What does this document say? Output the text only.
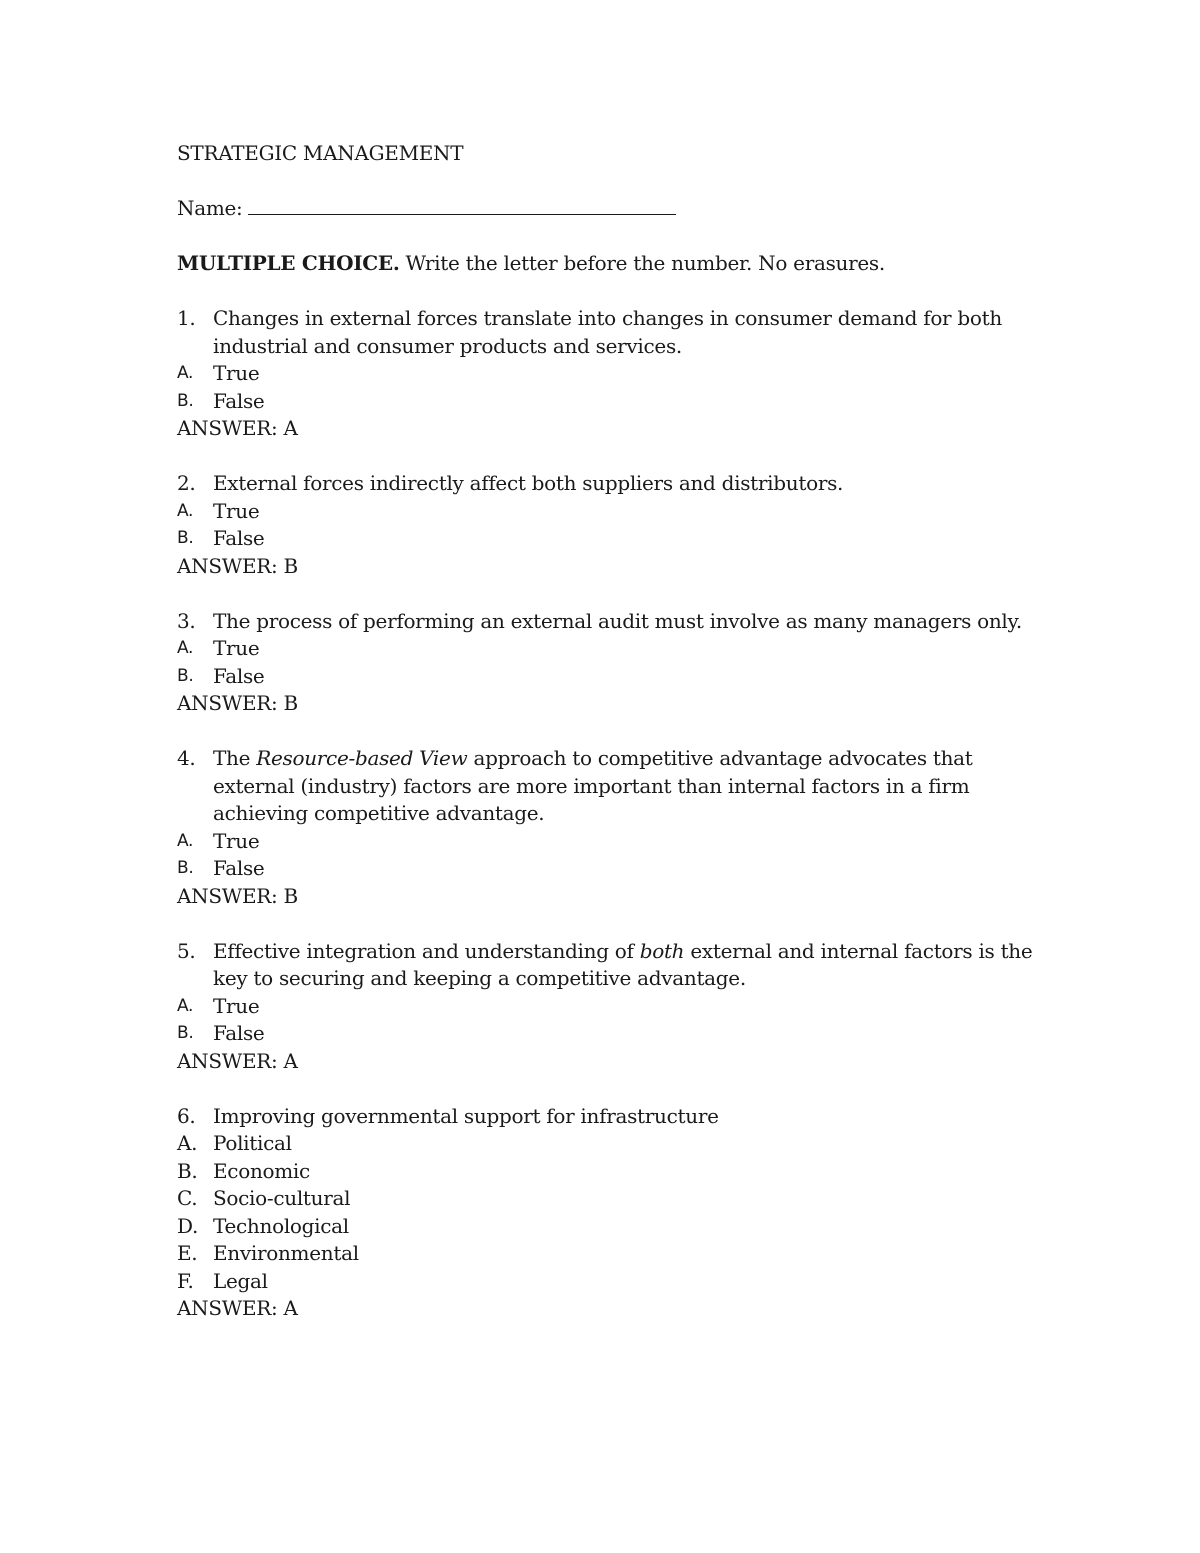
STRATEGIC MANAGEMENT
Name:
MULTIPLE CHOICE. Write the letter before the number. No erasures.
1. Changes in external forces translate into changes in consumer demand for both industrial and consumer products and services.
A. True
B. False
ANSWER: A
2. External forces indirectly affect both suppliers and distributors.
A. True
B. False
ANSWER: B
3. The process of performing an external audit must involve as many managers only.
A. True
B. False
ANSWER: B
4. The Resource-based View approach to competitive advantage advocates that external (industry) factors are more important than internal factors in a firm achieving competitive advantage.
A. True
B. False
ANSWER: B
5. Effective integration and understanding of both external and internal factors is the key to securing and keeping a competitive advantage.
A. True
B. False
ANSWER: A
6. Improving governmental support for infrastructure
A. Political
B. Economic
C. Socio-cultural
D. Technological
E. Environmental
F. Legal
ANSWER: A
